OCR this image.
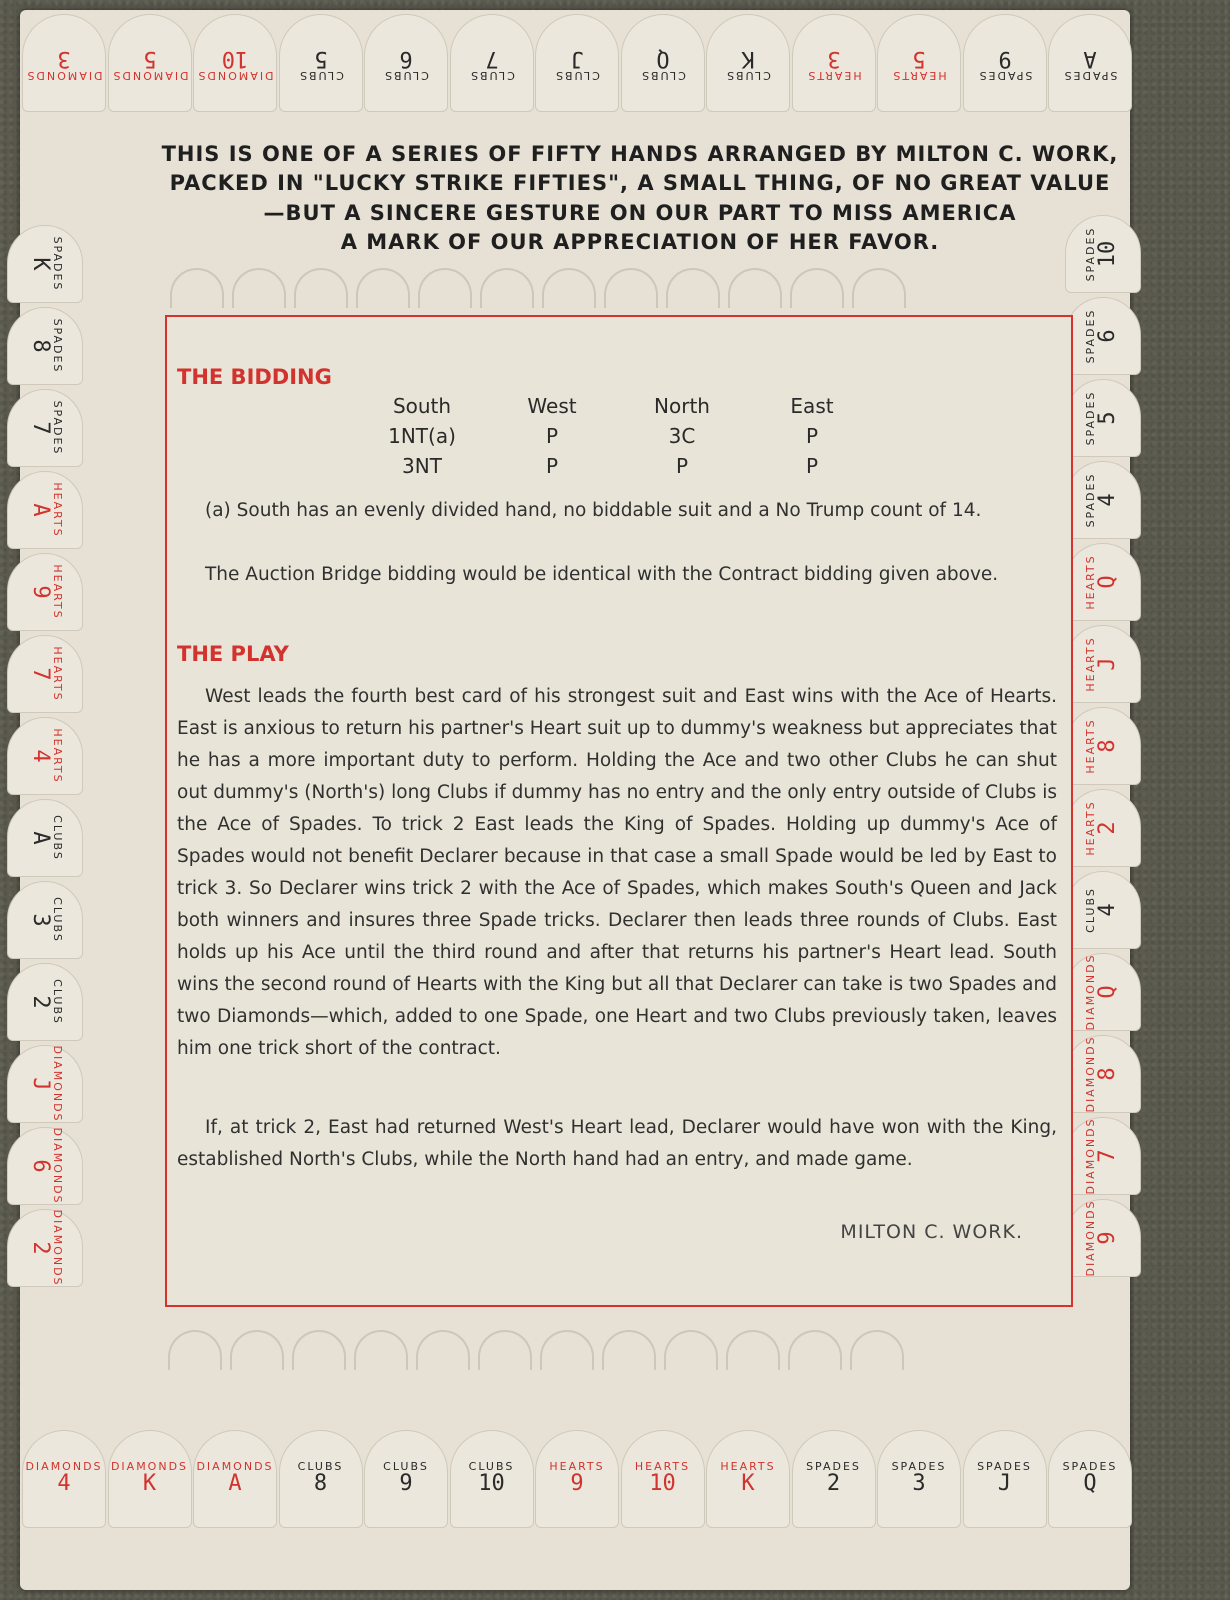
DIAMONDS
3
DIAMONDS
5
DIAMONDS
10
CLUBS
5
CLUBS
6
CLUBS
7
CLUBS
J
CLUBS
Q
CLUBS
K
HEARTS
3
HEARTS
5
SPADES
9
SPADES
A
SPADES
K
SPADES
8
SPADES
7
HEARTS
A
HEARTS
9
HEARTS
7
HEARTS
4
CLUBS
A
CLUBS
3
CLUBS
2
DIAMONDS
J
DIAMONDS
6
DIAMONDS
2
SPADES
10
SPADES
6
SPADES
5
SPADES
4
HEARTS
Q
HEARTS
J
HEARTS
8
HEARTS
2
CLUBS
4
DIAMONDS
Q
DIAMONDS
8
DIAMONDS
7
DIAMONDS
9
DIAMONDS
4
DIAMONDS
K
DIAMONDS
A
CLUBS
8
CLUBS
9
CLUBS
10
HEARTS
9
HEARTS
10
HEARTS
K
SPADES
2
SPADES
3
SPADES
J
SPADES
Q
THIS IS ONE OF A SERIES OF FIFTY HANDS ARRANGED BY MILTON C. WORK,
PACKED IN "LUCKY STRIKE FIFTIES", A SMALL THING, OF NO GREAT VALUE
—BUT A SINCERE GESTURE ON OUR PART TO MISS AMERICA
A MARK OF OUR APPRECIATION OF HER FAVOR.
THE BIDDING
South	West	North	East
1NT(a)	P	3C	P
3NT	P	P	P
(a) South has an evenly divided hand, no biddable suit and a No Trump count of 14.
The Auction Bridge bidding would be identical with the Contract bidding given above.
THE PLAY
West leads the fourth best card of his strongest suit and East wins with the Ace of Hearts. East is anxious to return his partner's Heart suit up to dummy's weakness but appreciates that he has a more important duty to perform. Holding the Ace and two other Clubs he can shut out dummy's (North's) long Clubs if dummy has no entry and the only entry outside of Clubs is the Ace of Spades. To trick 2 East leads the King of Spades. Holding up dummy's Ace of Spades would not benefit Declarer because in that case a small Spade would be led by East to trick 3. So Declarer wins trick 2 with the Ace of Spades, which makes South's Queen and Jack both winners and insures three Spade tricks. Declarer then leads three rounds of Clubs. East holds up his Ace until the third round and after that returns his partner's Heart lead. South wins the second round of Hearts with the King but all that Declarer can take is two Spades and two Diamonds—which, added to one Spade, one Heart and two Clubs previously taken, leaves him one trick short of the contract.
If, at trick 2, East had returned West's Heart lead, Declarer would have won with the King, established North's Clubs, while the North hand had an entry, and made game.
MILTON C. WORK.
